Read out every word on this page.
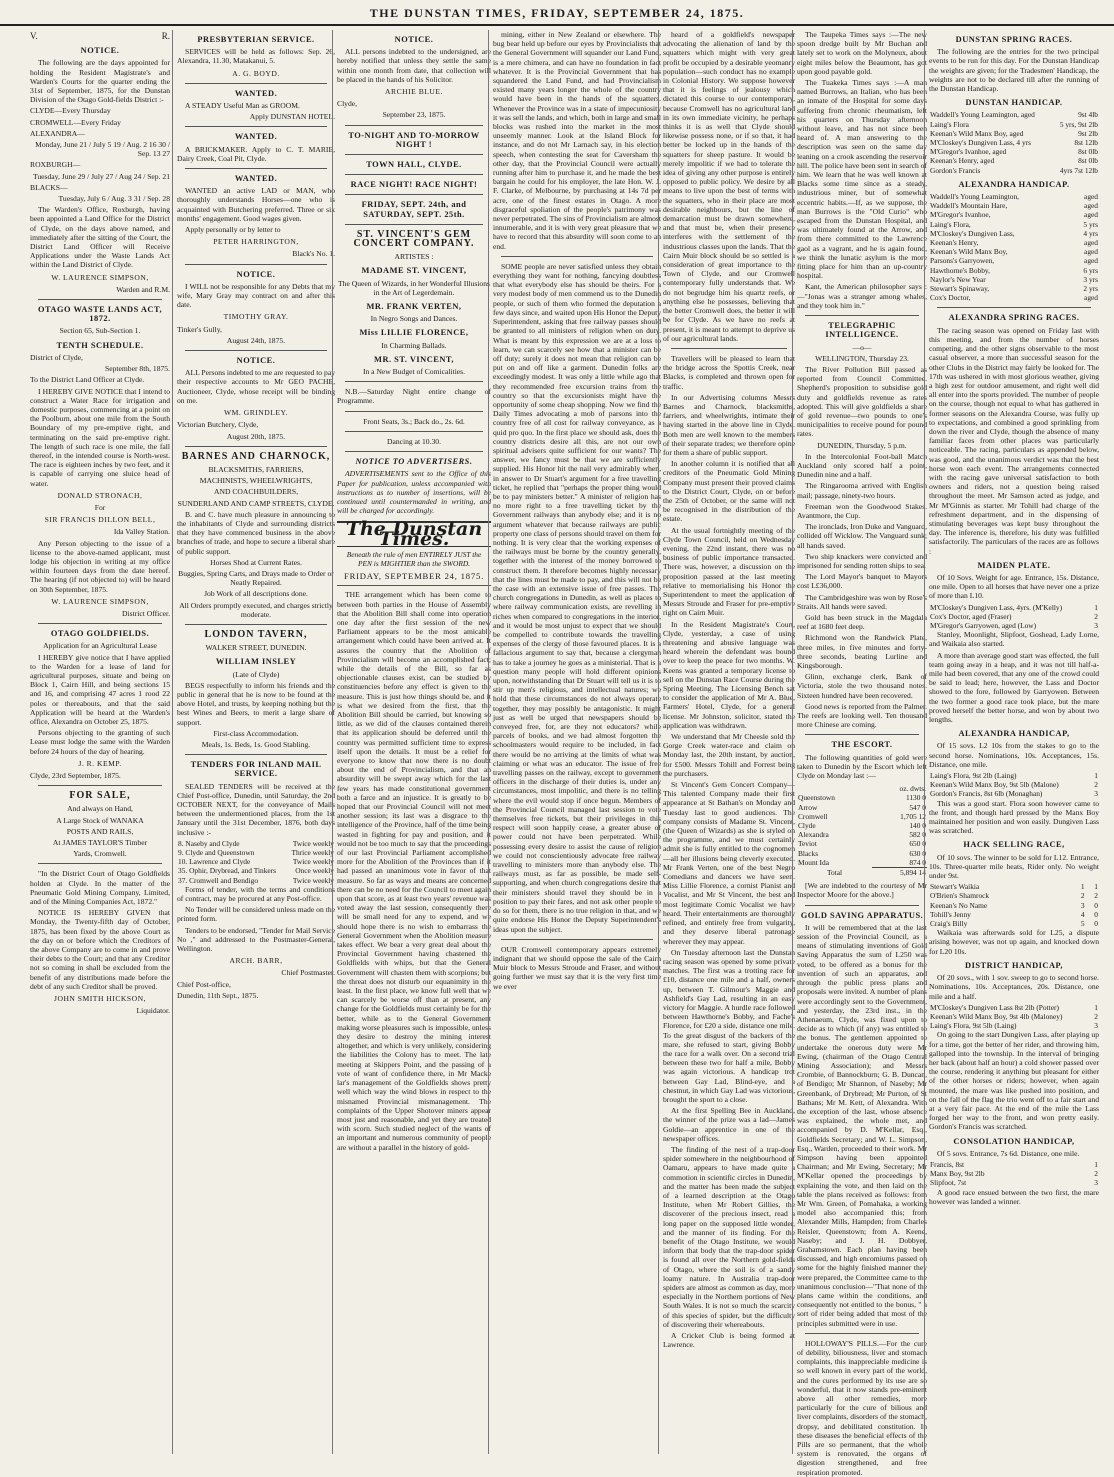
THE DUNSTAN TIMES, FRIDAY, SEPTEMBER 24, 1875.
V.	R.
NOTICE.

The following are the days appointed for holding the Resident Magistrate's and Warden's Courts for the quarter ending the 31st of September, 1875, for the Dunstan Division of the Otago Gold-fields District :-

CLYDE—Every Thursday

CROMWELL—Every Friday

ALEXANDRA—

Monday, June 21 / July 5 19 / Aug. 2 16 30 / Sep. 13 27

ROXBURGH—

Tuesday, June 29 / July 27 / Aug 24 / Sep. 21

BLACKS—

Tuesday, July 6 / Aug. 3 31 / Sep. 28

The Warden's Office, Roxburgh, having been appointed a Land Office for the District of Clyde, on the days above named, and immediately after the sitting of the Court, the District Land Officer will Receive Applications under the Waste Lands Act within the Land District of Clyde.

W. LAURENCE SIMPSON,

Warden and R.M.

OTAGO WASTE LANDS ACT, 1872.

Section 65, Sub-Section 1.

TENTH SCHEDULE.

District of Clyde,

September 8th, 1875.

To the District Land Officer at Clyde.

I HEREBY GIVE NOTICE that I intend to construct a Water Race for irrigation and domestic purposes, commencing at a point on the Poolburn, about one mile from the South Boundary of my pre-emptive right, and terminating on the said pre-emptive right. The length of such race is one mile, the fall thereof, in the intended course is North-west. The race is eighteen inches by two feet, and it is capable of carrying one sluice head of water.

DONALD STRONACH,

For

SIR FRANCIS DILLON BELL,

Ida Valley Station.

Any Person objecting to the issue of a license to the above-named applicant, must lodge his objection in writing at my office within fourteen days from the date hereof. The hearing (if not objected to) will be heard on 30th September, 1875.

W. LAURENCE SIMPSON,

District Officer.

OTAGO GOLDFIELDS.

Application for an Agricultural Lease

I HEREBY give notice that I have applied to the Warden for a lease of land for agricultural purposes, situate and being on Block 1, Cairn Hill, and being sections 15 and 16, and comprising 47 acres 1 rood 22 poles or thereabouts, and that the said Application will be heard at the Warden's office, Alexandra on October 25, 1875.

Persons objecting to the granting of such Lease must lodge the same with the Warden before 24 hours of the day of hearing.

J. R. KEMP.

Clyde, 23rd September, 1875.

FOR SALE,

And always on Hand,

A Large Stock of WANAKA

POSTS AND RAILS,

At JAMES TAYLOR'S Timber

Yards, Cromwell.

"In the District Court of Otago Goldfields holden at Clyde. In the matter of the Pneumatic Gold Mining Company, Limited, and of the Mining Companies Act, 1872."

NOTICE IS HEREBY GIVEN that Monday, the Twenty-fifth day of October, 1875, has been fixed by the above Court as the day on or before which the Creditors of the above Company are to come in and prove their debts to the Court; and that any Creditor not so coming in shall be excluded from the benefit of any distributions made before the debt of any such Creditor shall be proved.

JOHN SMITH HICKSON,

Liquidator.

PRESBYTERIAN SERVICE.

SERVICES will be held as follows: Sep. 26, Alexandra, 11.30, Matakanui, 5.

A. G. BOYD.
WANTED.

A STEADY Useful Man as GROOM.

Apply DUNSTAN HOTEL.

WANTED.

A BRICKMAKER. Apply to C. T. MARIE, Dairy Creek, Coal Pit, Clyde.

WANTED.

WANTED an active LAD or MAN, who thoroughly understands Horses—one who is acquainted with Butchering preferred. Three or six months' engagement. Good wages given.

Apply personally or by letter to

PETER HARRINGTON,

Black's No. 1.

NOTICE.

I WILL not be responsible for any Debts that my wife, Mary Gray may contract on and after this date.

TIMOTHY GRAY.

Tinker's Gully,

August 24th, 1875.

NOTICE.

ALL Persons indebted to me are requested to pay their respective accounts to Mr GEO PACHE, Auctioneer, Clyde, whose receipt will be binding on me.

WM. GRINDLEY.

Victorian Butchery, Clyde,

August 20th, 1875.

BARNES AND CHARNOCK,

BLACKSMITHS, FARRIERS,

MACHINISTS, WHEELWRIGHTS,

AND COACHBUILDERS,

SUNDERLAND AND CAMP STREETS, CLYDE.

B. and C. have much pleasure in announcing to the inhabitants of Clyde and surrounding districts that they have commenced business in the above branches of trade, and hope to secure a liberal share of public support.

Horses Shod at Current Rates.

Buggies, Spring Carts, and Drays made to Order or Neatly Repaired.

Job Work of all descriptions done.

All Orders promptly executed, and charges strictly moderate.

LONDON TAVERN,

WALKER STREET, DUNEDIN.

WILLIAM INSLEY

(Late of Clyde)

BEGS respectfully to inform his friends and the public in general that he is now to be found at the above Hotel, and trusts, by keeping nothing but the best Wines and Beers, to merit a large share of support.

First-class Accommodation.

Meals, 1s. Beds, 1s. Good Stabling.

TENDERS FOR INLAND MAIL SERVICE.

SEALED TENDERS will be received at the Chief Post-office, Dunedin, until Saturday, the 2nd OCTOBER NEXT, for the conveyance of Mails between the undermentioned places, from the 1st January until the 31st December, 1876, both days inclusive :-

8. Naseby and Clyde	Twice weekly
9. Clyde and Queenstown	Thrice weekly
10. Lawrence and Clyde	Twice weekly
35. Ophir, Drybread, and Tinkers	Once weekly
37. Cromwell and Bendigo	Twice weekly

Forms of tender, with the terms and conditions of contract, may be procured at any Post-office.

No Tender will be considered unless made on the printed form.

Tenders to be endorsed, "Tender for Mail Service No ," and addressed to the Postmaster-General, Wellington.

ARCH. BARR,

Chief Postmaster.

Chief Post-office,

Dunedin, 11th Sept., 1875.

NOTICE.

ALL persons indebted to the undersigned, are hereby notified that unless they settle the same within one month from date, that collection will be placed in the hands of his Solicitor.

ARCHIE BLUE.

Clyde,

September 23, 1875.

TO-NIGHT AND TO-MORROW NIGHT !
TOWN HALL, CLYDE.
RACE NIGHT! RACE NIGHT!
FRIDAY, SEPT. 24th, and SATURDAY, SEPT. 25th.
ST. VINCENT'S GEM CONCERT COMPANY.

ARTISTES :

MADAME ST. VINCENT,

The Queen of Wizards, in her Wonderful Illusions in the Art of Legerdemain.

MR. FRANK VERTEN,

In Negro Songs and Dances.

Miss LILLIE FLORENCE,

In Charming Ballads.

MR. ST. VINCENT,

In a New Budget of Comicalities.

N.B.—Saturday Night entire change of Programme.

Front Seats, 3s.; Back do., 2s. 6d.

Dancing at 10.30.

NOTICE TO ADVERTISERS.

ADVERTISEMENTS sent to the Office of this Paper for publication, unless accompanied with instructions as to number of insertions, will be continued until countermanded in writing, and will be charged for accordingly.

The Dunstan Times.
Beneath the rule of men ENTIRELY JUST the PEN is MIGHTIER than the SWORD.
FRIDAY, SEPTEMBER 24, 1875.

THE arrangement which has been come to between both parties in the House of Assembly that the Abolition Bill shall come into operation one day after the first session of the new Parliament appears to be the most amicable arrangement which could have been arrived at. It assures the country that the Abolition of Provincialism will become an accomplished fact; while the details of the Bill, so far as objectionable clauses exist, can be studied by constituencies before any effect is given to the measure. This is just how things should be, and it is what we desired from the first, that the Abolition Bill should be carried, but knowing so little, as we did of the clauses contained therein that its application should be deferred until the country was permitted sufficient time to express itself upon the details. It must be a relief for everyone to know that now there is no doubt about the end of Provincialism, and that an absurdity will be swept away which for the last few years has made constitutional government both a farce and an injustice. It is greatly to be hoped that our Provincial Council will not meet another session; its last was a disgrace to the intelligence of the Province, half of the time being wasted in fighting for pay and position, and it would not be too much to say that the proceedings of our last Provincial Parliament accomplished more for the Abolition of the Provinces than if it had passed an unanimous vote in favor of that measure. So far as ways and means are concerned there can be no need for the Council to meet again upon that score, as at least two years' revenue was voted away the last session, consequently there will be small need for any to expend, and we should hope there is no wish to embarrass the General Government when the Abolition measure takes effect. We bear a very great deal about the Provincial Government having chastened the Goldfields with whips, but that the General Government will chasten them with scorpions; but the threat does not disturb our equanimity in the least. In the first place, we know full well that we can scarcely be worse off than at present, any change for the Goldfields must certainly be for the better, while as to the General Government making worse pleasures such is impossible, unless they desire to destroy the mining interest altogether, and which is very unlikely, considering the liabilities the Colony has to meet. The late meeting at Skippers Point, and the passing of a vote of want of confidence there, in Mr Macke lar's management of the Goldfields shows pretty well which way the wind blows in respect to the misnamed Provincial mismanagement. The complaints of the Upper Shotover miners appear most just and reasonable, and yet they are treated with scorn. Such studied neglect of the wants of an important and numerous community of people are without a parallel in the history of gold-

mining, either in New Zealand or elsewhere. The bug bear held up before our eyes by Provincialists that the General Government will squander our Land Fund, is a mere chimera, and can have no foundation in fact whatever. It is the Provincial Government that has squandered the Land Fund, and had Provincialism existed many years longer the whole of the country would have been in the hands of the squatters. Whenever the Province was in a state of impecuniosity it was sell the lands, and which, both in large and small blocks was rushed into the market in the most unseemly manner. Look at the Island Block for instance, and do not Mr Larnach say, in his election speech, when contesting the seat for Caversham the other day, that the Provincial Council were actually running after him to purchase it, and he made the best bargain he could for his employer, the late Hon. W. J. F. Clarke, of Melbourne, by purchasing at 14s 7d per acre, one of the finest estates in Otago. A more disgraceful spoliation of the people's patrimony was never perpetrated. The sins of Provincialism are almost innumerable, and it is with very great pleasure that we have to record that this absurdity will soon come to an end.

SOME people are never satisfied unless they obtain everything they want for nothing, fancying doubtless that what everybody else has should be theirs. For a very modest body of men commend us to the Dunedin people, or such of them who formed the deputation a few days since, and waited upon His Honor the Deputy Superintendent, asking that free railway passes should be granted to all ministers of religion when on duty. What is meant by this expression we are at a loss to learn, we can scarcely see how that a minister can be off duty; surely it does not mean that religion can be put on and off like a garment. Dunedin folks are exceedingly modest. It was only a little while ago that they recommended free excursion trains from the country so that the excursionists might have the opportunity of some cheap shopping. Now we find the Daily Times advocating a mob of parsons into the country free of all cost for railway conveyance, as a quid pro quo. In the first place we should ask, does the country districts desire all this, are not our own spiritual advisers quite sufficient for our wants? The answer, we fancy must be that we are sufficiently supplied. His Honor hit the nail very admirably when, in answer to Dr Stuart's argument for a free travelling ticket, he replied that "perhaps the proper thing would be to pay ministers better." A minister of religion has no more right to a free travelling ticket by the Government railways than anybody else; and it is no argument whatever that because railways are public property one class of persons should travel on them for nothing. It is very clear that the working expenses of the railways must be borne by the country generally, together with the interest of the money borrowed to construct them. It therefore becomes highly necessary that the lines must be made to pay, and this will not be the case with an extensive issue of free passes. The church congregations in Dunedin, as well as places to where railway communication exists, are revelling in riches when compared to congregations in the interior, and it would be most unjust to expect that we should be compelled to contribute towards the travelling expenses of the clergy of those favoured places. It is a fallacious argument to say that, because a clergyman has to take a journey he goes as a ministerial. That is a question many people will hold different opinions upon, notwithstanding that Dr Stuart will tell us it is to stir up men's religious, and intellectual natures; we hold that these circumstances do not always operate together, they may possibly be antagonistic. It might just as well be urged that newspapers should be conveyed free, for, are they not educators? while parcels of books, and we had almost forgotten the schoolmasters would require to be included, in fact there would be no arriving at the limits of what was claiming or what was an educator. The issue of free travelling passes on the railway, except to government officers in the discharge of their duties is, under any circumstances, most impolitic, and there is no telling where the evil would stop if once begun. Members of the Provincial Council managed last session to vote themselves free tickets, but their privileges in this respect will soon happily cease, a greater abuse of power could not have been perpetrated. While possessing every desire to assist the cause of religion we could not conscientiously advocate free railway travelling to ministers more than anybody else. The railways must, as far as possible, be made self-supporting, and when church congregations desire that their ministers should travel they should be in a position to pay their fares, and not ask other people to do so for them, there is no true religion in that, and we quite endorse His Honor the Deputy Superintendent's ideas upon the subject.

OUR Cromwell contemporary appears extremely indignant that we should oppose the sale of the Cairn Muir block to Messrs Stroude and Fraser, and without going further we must say that it is the very first time we ever

heard of a goldfield's newspaper advocating the alienation of land by the squatters which might with very great profit be occupied by a desirable yeomanry population—such conduct has no example in Colonial History. We suppose however that it is feelings of jealousy which dictated this course to our contemporary, because Cromwell has no agricultural land in its own immediate vicinity, he perhaps thinks it is as well that Clyde should likewise possess none, or if so that, it had better be locked up in the hands of the squatters for sheep pasture. It would be merely impolitic if we had to tolerate the idea of giving any other purpose is entirely opposed to public policy. We desire by all means to live upon the best of terms with the squatters, who in their place are most desirable neighbours, but the line of demarcation must be drawn somewhere, and that must be, when their presence interferes with the settlement of the industrious classes upon the lands. That the Cairn Muir block should be so settled is a consideration of great importance to the Town of Clyde, and our Cromwell contemporary fully understands that. We do not begrudge him his quartz reefs, or anything else he possesses, believing that the better Cromwell does, the better it will be for Clyde. As we have no reefs at present, it is meant to attempt to deprive us of our agricultural lands.

Travellers will be pleased to learn that the bridge across the Spottis Creek, near Blacks, is completed and thrown open for traffic.

In our Advertising columns Messrs Barnes and Charnock, blacksmiths, farriers, and wheelwrights, intimate their having started in the above line in Clyde. Both men are well known to the members of their separate trades; we therefore opine for them a share of public support.

In another column it is notified that all creditors of the Pneumatic Gold Mining Company must present their proved claims to the District Court, Clyde, on or before the 25th of October, or the same will not be recognised in the distribution of the estate.

At the usual fortnightly meeting of the Clyde Town Council, held on Wednesday evening, the 22nd instant, there was no business of public importance transacted. There was, however, a discussion on the proposition passed at the last meeting relative to memorialising his Honor the Superintendent to meet the application of Messrs Stroude and Fraser for pre-emptive right on Cairn Muir.

In the Resident Magistrate's Court, Clyde, yesterday, a case of using threatening and abusive language was heard wherein the defendant was bound over to keep the peace for two months. W. Keens was granted a temporary license to sell on the Dunstan Race Course during the Spring Meeting. The Licensing Bench sat to consider the application of Mr A. Blue, Farmers' Hotel, Clyde, for a general license. Mr Johnston, solicitor, stated the application was withdrawn.

We understand that Mr Cheesle sold the Gorge Creek water-race and claim on Monday last, the 20th instant, by auction, for £500. Messrs Tohill and Forrest being the purchasers.

St Vincent's Gem Concert Company—This talented Company made their first appearance at St Bathan's on Monday and Tuesday last to good audiences. The company consists of Madame St. Vincent, (the Queen of Wizards) as she is styled on the programme, and we must certainly admit she is fully entitled to the cognomen—all her illusions being cleverly executed. Mr Frank Verten, one of the best Negro Comedians and dancers we have seen. Miss Lillie Florence, a cornist Pianist and Vocalist, and Mr St Vincent, the best and most legitimate Comic Vocalist we have heard. Their entertainments are thoroughly refined, and entirely free from vulgarity, and they deserve liberal patronage wherever they may appear.

On Tuesday afternoon last the Dunstan racing season was opened by some private matches. The first was a trotting race for £10, distance one mile and a half, owners up, between T. Gilmour's Maggie and Ashfield's Gay Lad, resulting in an easy victory for Maggie. A hurdle race followed between Hawthorne's Bobby, and Fache's Florence, for £20 a side, distance one mile. To the great disgust of the backers of the mare, she refused to start, giving Bobby the race for a walk over. On a second trial between these two for half a mile, Bobby was again victorious. A handicap trot between Gay Lad, Blind-eye, and a chestnut, in which Gay Lad was victorious, brought the sport to a close.

At the first Spelling Bee in Auckland, the winner of the prize was a lad—James Goldie—an apprentice in one of the newspaper offices.

The finding of the nest of a trap-door spider somewhere in the neighbourhood of Oamaru, appears to have made quite a commotion in scientific circles in Dunedin, and the matter has been made the subject of a learned description at the Otago Institute, when Mr Robert Gillies, the discoverer of the precious insect, read a long paper on the supposed little wonder, and the manner of its finding. For the benefit of the Otago Institute, we would inform that body that the trap-door spider is found all over the Northern gold-fields of Otago, where the soil is of a sandy loamy nature. In Australia trap-door spiders are almost as common as day, more especially in the Northern portions of New South Wales. It is not so much the scarcity of this species of spider, but the difficulty of discovering their whereabouts.

A Cricket Club is being formed at Lawrence.

The Taupeka Times says :—The new spoon dredge built by Mr Buchan and lately set to work on the Molyneux, about eight miles below the Beaumont, has got upon good payable gold.

The Tuakeka Times says :—A man named Burrows, an Italian, who has been an inmate of the Hospital for some days suffering from chronic rheumatism, left his quarters on Thursday afternoon without leave, and has not since been heard of. A man answering to the description was seen on the same day leaning on a crook ascending the reservoir hill. The police have been sent in search of him. We learn that he was well known at Blacks some time since as a steady, industrious miner, but of somewhat eccentric habits.—If, as we suppose, the man Burrows is the "Old Curio" who escaped from the Dunstan Hospital, and was ultimately found at the Arrow, and from there committed to the Lawrence gaol as a vagrant, and he is again found, we think the lunatic asylum is the more fitting place for him than an up-country hospital.

Kant, the American philosopher says :—"Jonas was a stranger among whales, and they took him in."

TELEGRAPHIC INTELLIGENCE.

—o—

WELLINGTON, Thursday 23.

The River Pollution Bill passed as reported from Council Committee. Shepherd's proposition to subsidise gold duty and goldfields revenue as rates adopted. This will give goldfields a share of gold revenue—two pounds to one's municipalities to receive pound for pound rates.

DUNEDIN, Thursday, 5 p.m.

In the Intercolonial Foot-ball Match Auckland only scored half a point, Dunedin nine and a half.

The Ringarooma arrived with English mail; passage, ninety-two hours.

Freeman won the Goodwood Stakes. Avantmore, the Cup.

The ironclads, Iron Duke and Vanguard, collided off Wicklow. The Vanguard sunk; all hands saved.

Two ship knackers were convicted and imprisoned for sending rotten ships to sea.

The Lord Mayor's banquet to Mayors cost L£36,000.

The Cambridgeshire was won by Rose's Straits. All hands were saved.

Gold has been struck in the Magdala reef at 1680 feet deep.

Richmond won the Randwick Plate, three miles, in five minutes and forty-three seconds, beating Lurline and Kingsborough.

Glinn, exchange clerk, Bank of Victoria, stole the two thousand notes. Sixteen hundred have been recovered.

Good news is reported from the Palmer. The reefs are looking well. Ten thousand more Chinese are coming.

THE ESCORT.

The following quantities of gold were taken to Dunedin by the Escort which left Clyde on Monday last :—

	oz. dwts.
Queenstown	1130 0
Arrow	547 0
Cromwell	1,705 12
Clyde	140 0
Alexandra	582 0
Teviot	650 0
Blacks	630 0
Mount Ida	874 0
Total	5,894 14

[We are indebted to the courtesy of Mr Inspector Moore for the above.]

GOLD SAVING APPARATUS.

It will be remembered that at the last session of the Provincial Council, as a means of stimulating inventions of Gold Saving Apparatus the sum of L250 was voted, to be offered as a bonus for the invention of such an apparatus, and through the public press plans and proposals were invited. A number of plans were accordingly sent to the Government, and yesterday, the 23rd inst., in the Athenaeum, Clyde, was fixed upon to decide as to which (if any) was entitled to the bonus. The gentlemen appointed to undertake the onerous duty were Mr Ewing, (chairman of the Otago Central Mining Association); and Messrs Crombie, of Bannockburn; G. B. Duncan, of Bendigo; Mr Shannon, of Naseby; Mr Greenbank, of Drybread; Mr Purton, of St Bathans; Mr M. Kett, of Alexandra. With the exception of the last, whose absence was explained, the whole met, and accompanied by D. M'Kellar, Esq., Goldfields Secretary; and W. L. Simpson, Esq., Warden, proceeded to their work. Mr Simpson having been appointed Chairman; and Mr Ewing, Secretary; Mr M'Kellar opened the proceedings by explaining the vote, and then laid on the table the plans received as follows: from Mr Wm. Green, of Pomahaka, a working model also accompanied this; from Alexander Mills, Hampden; from Charles Reisler, Queenstown; from A. Keene, Naseby; and J. H. Dobbyer, Grahamstown. Each plan having been discussed, and high encomiums passed on some for the highly finished manner they were prepared, the Committee came to the unanimous conclusion—"That none of the plans came within the conditions, and consequently not entitled to the bonus, " a sort of rider being added that most of the principles submitted were in use.

HOLLOWAY'S PILLS.—For the cure of debility, biliousness, liver and stomach complaints, this inappreciable medicine is so well known in every part of the world, and the cures performed by its use are so wonderful, that it now stands pre-eminent above all other remedies, more particularly for the cure of bilious and liver complaints, disorders of the stomach, dropsy, and debilitated constitution. In these diseases the beneficial effects of the Pills are so permanent, that the whole system is renovated, the organs of digestion strengthened, and free respiration promoted.

DUNSTAN SPRING RACES.

The following are the entries for the two principal events to be run for this day. For the Dunstan Handicap the weights are given; for the Tradesmen' Handicap, the weights are not to be declared till after the running of the Dunstan Handicap.

DUNSTAN HANDICAP.
Waddell's Young Leamington, aged	9st 4lb
Laing's Flora	5 yrs, 9st 2lb
Keenan's Wild Manx Boy, aged	9st 2lb
M'Closkey's Dungiven Lass, 4 yrs	8st 12lb
M'Gregor's Ivanhoe, aged	8st 0lb
Keenan's Henry, aged	8st 0lb
Gordon's Francis	4yrs 7st 12lb
ALEXANDRA HANDICAP.
Waddell's Young Leamington,	aged
Waddell's Mountain Hare,	aged
M'Gregor's Ivanhoe,	aged
Laing's Flora,	5 yrs
M'Closkey's Dungiven Lass,	4 yrs
Keenan's Henry,	aged
Keenan's Wild Manx Boy,	aged
Parsons's Garryowen,	aged
Hawthorne's Bobby,	6 yrs
Naylor's New Year	3 yrs
Stewart's Spinaway,	2 yrs
Cox's Doctor,	aged
ALEXANDRA SPRING RACES.

The racing season was opened on Friday last with this meeting, and from the number of horses competing, and the other signs observable to the most casual observer, a more than successful season for the other Clubs in the District may fairly be looked for. The 17th was ushered in with most glorious weather, giving a high zest for outdoor amusement, and right well did all enter into the sports provided. The number of people on the course, though not equal to what has gathered in former seasons on the Alexandra Course, was fully up to expectations, and combined a good sprinkling from down the river and Clyde, though the absence of many familiar faces from other places was particularly noticeable. The racing, particulars as appended below, was good, and the unanimous verdict was that the best horse won each event. The arrangements connected with the racing gave universal satisfaction to both owners and riders, not a question being raised throughout the meet. Mr Samson acted as judge, and Mr M'Ginnis as starter. Mr Tohill had charge of the refreshment department, and in the dispensing of stimulating beverages was kept busy throughout the day. The inference is, therefore, his duty was fulfilled satisfactorily. The particulars of the races are as follows :

MAIDEN PLATE.

Of 10 Sovs. Weight for age. Entrance, 15s. Distance, one mile. Open to all horses that have never one a prize of more than L10.

M'Closkey's Dungiven Lass, 4yrs. (M'Kelly)	1
Cox's Doctor, aged (Fraser)	2
M'Gregor's Garryowen, aged (Low)	3

Stanley, Moonlight, Slipfoot, Goshead, Lady Lorne, and Waikaia also started.

A more than average good start was effected, the full team going away in a heap, and it was not till half-a-mile had been covered, that any one of the crowd could be said to lead; here, however, the Lass and Doctor showed to the fore, followed by Garryowen. Between the two former a good race took place, but the mare proved herself the better horse, and won by about two lengths.

ALEXANDRA HANDICAP,

Of 15 sovs. L2 10s from the stakes to go to the second horse. Nominations, 10s. Acceptances, 15s. Distance, one mile.

Laing's Flora, 9st 2lb (Laing)	1
Keenan's Wild Manx Boy, 9st 5lb (Malone)	2
Gordon's Francis, 8st 6lb (Monaghan)	3

This was a good start. Flora soon however came to the front, and though hard pressed by the Manx Boy maintained her position and won easily. Dungiven Lass was scratched.

HACK SELLING RACE,

Of 10 sovs. The winner to be sold for L12. Entrance, 10s. Three-quarter mile heats, Rider only. No weight under 9st.

Stewart's Waikia	1	1
O'Brien's Shamrock	2	2
Keenan's No Name	3	0
Tohill's Jenny	4	0
Craig's Billy	5	0

Waikaia was afterwards sold for L25, a dispute arising however, was not up again, and knocked down for L20 10s.

DISTRICT HANDICAP,

Of 20 sovs., with 1 sov. sweep to go to second horse. Nominations, 10s. Acceptances, 20s. Distance, one mile and a half.

M'Closkey's Dungiven Lass 8st 2lb (Potter)	1
Keenan's Wild Manx Boy, 9st 4lb (Maloney)	2
Laing's Flora, 9st 5lb (Laing)	3

On going to the start Dungiven Lass, after playing up for a time, got the better of her rider, and throwing him, galloped into the township. In the interval of bringing her back (about half an hour) a cold shower passed over the course, rendering it anything but pleasant for either of the other horses or riders; however, when again mounted, the mare was like pushed into position, and on the fall of the flag the trio went off to a fair start and at a very fair pace. At the end of the mile the Lass forged her way to the front, and won pretty easily. Gordon's Francis was scratched.

CONSOLATION HANDICAP,

Of 5 sovs. Entrance, 7s 6d. Distance, one mile.

Francis, 8st	1
Manx Boy, 9st 2lb	2
Slipfoot, 7st	3

A good race ensued between the two first, the mare however was landed a winner.
